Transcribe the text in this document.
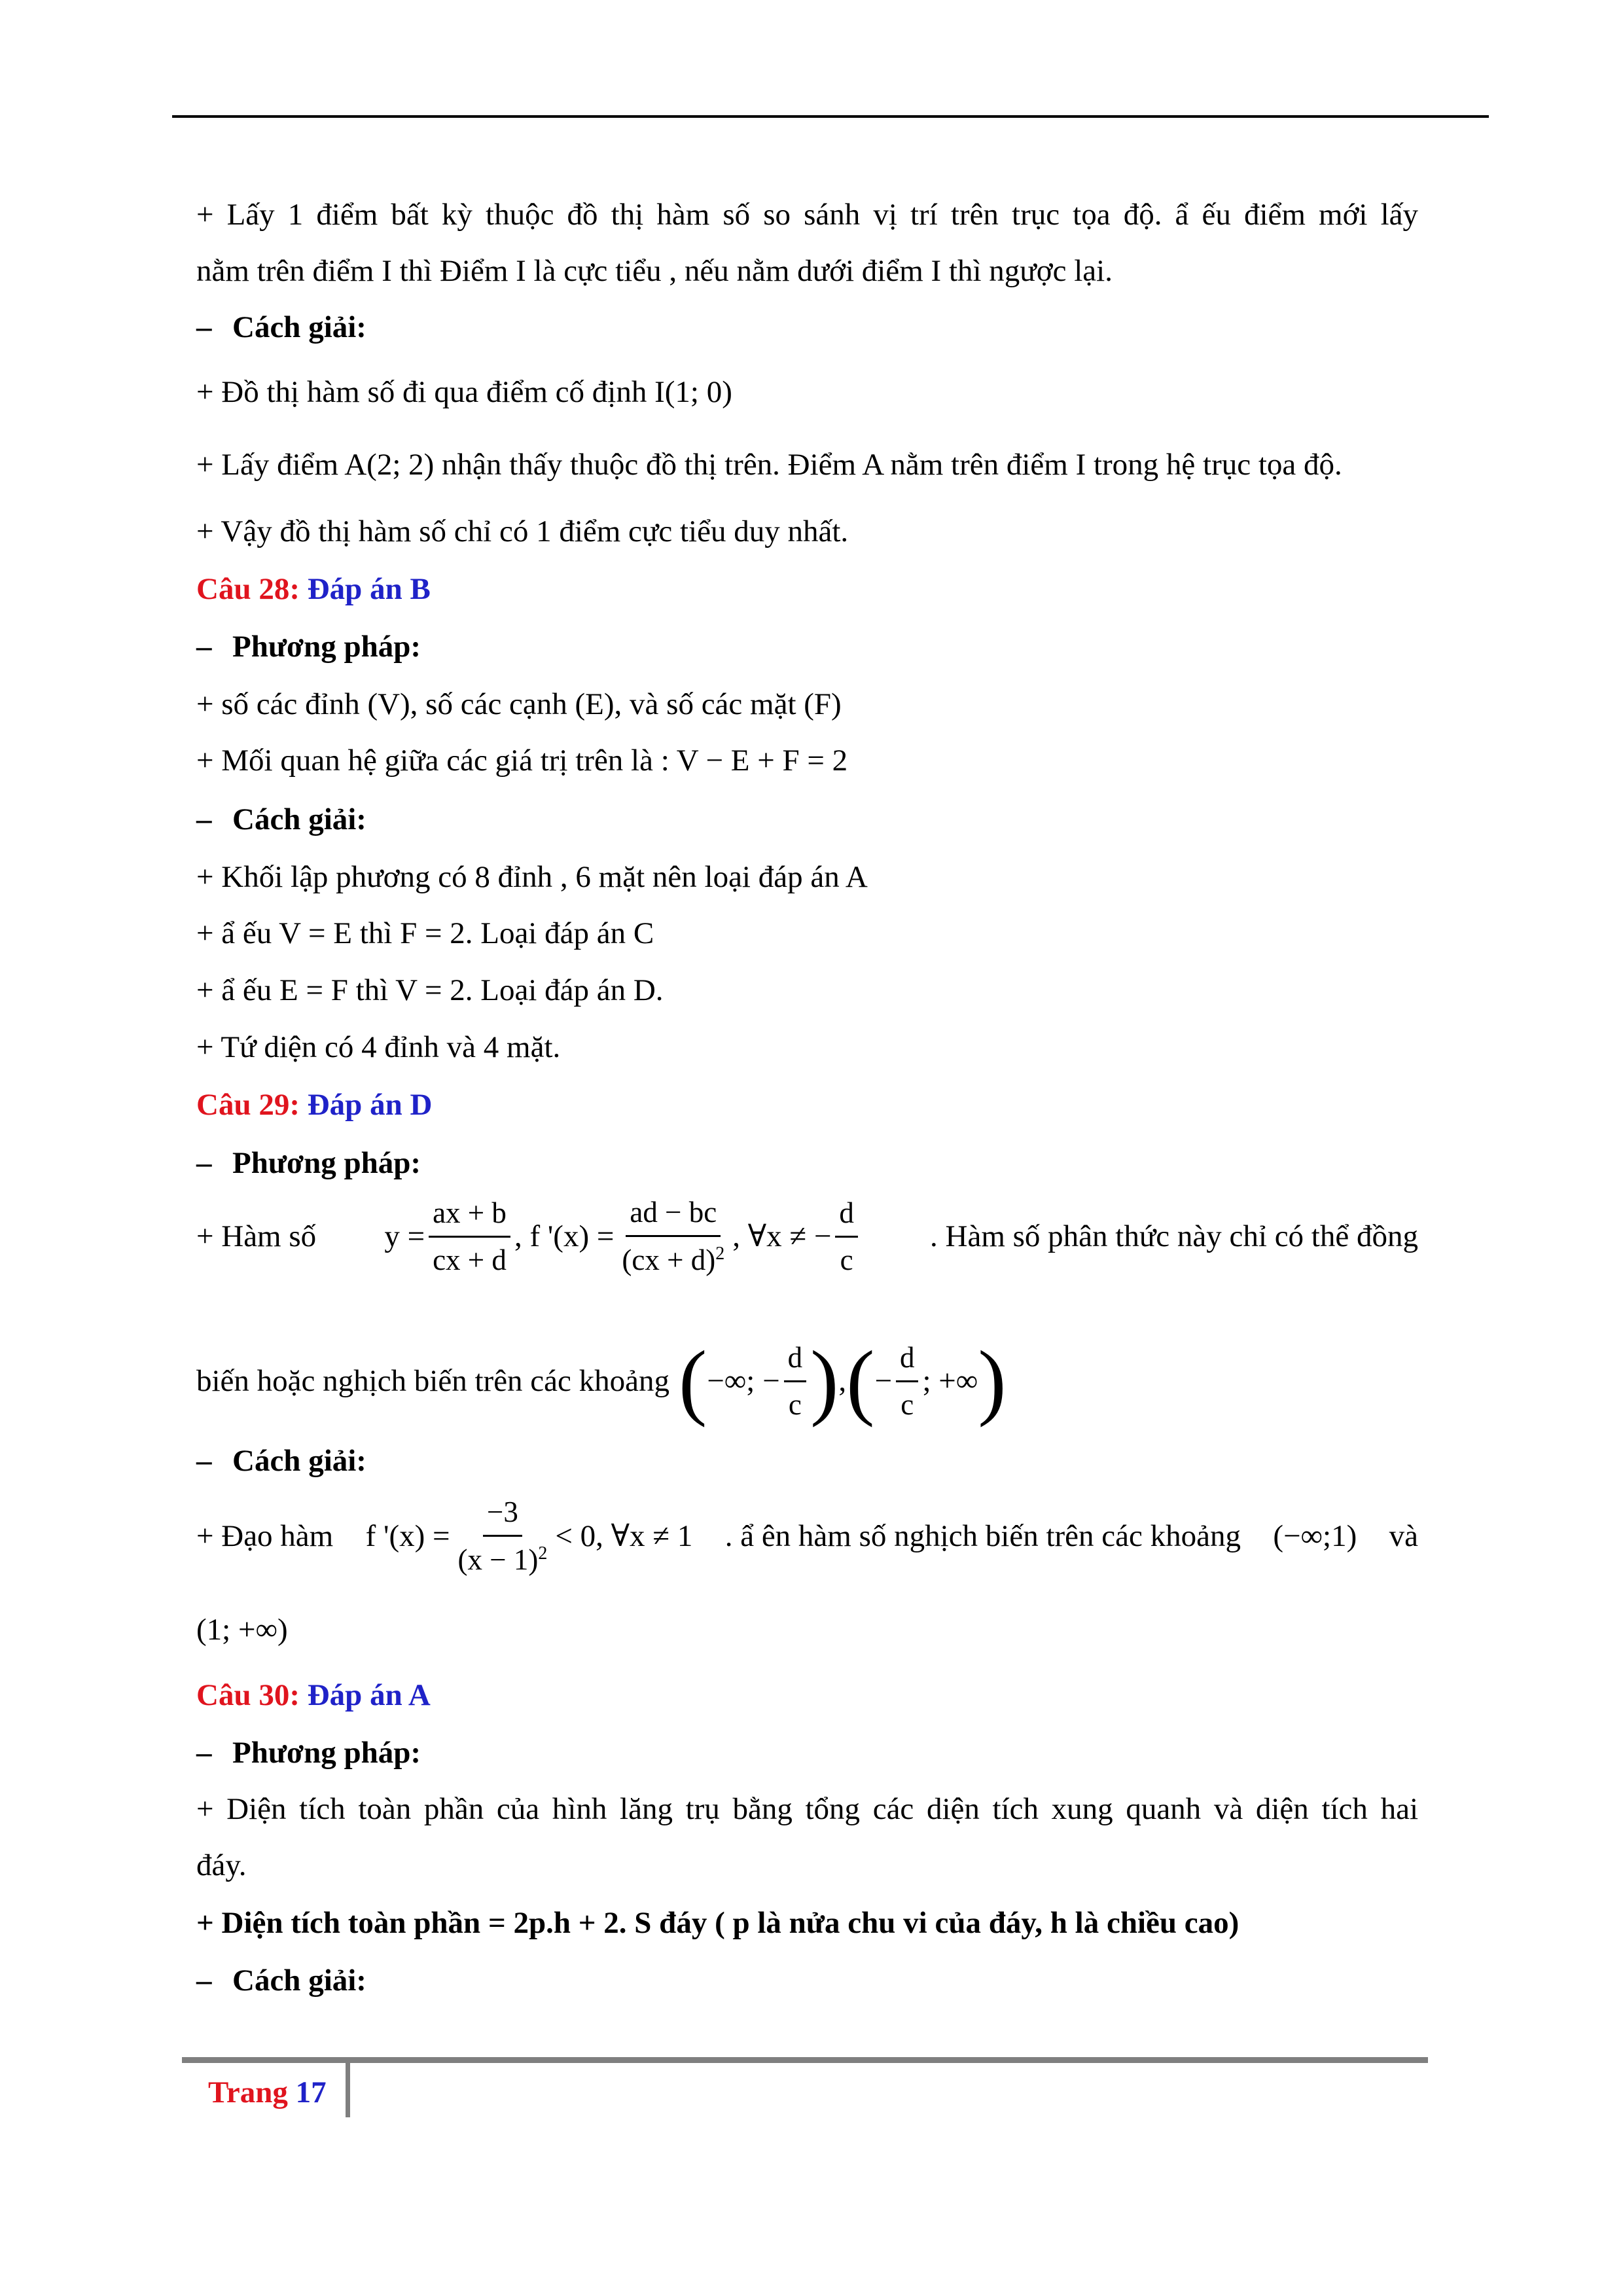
+ Lấy 1 điểm bất kỳ thuộc đồ thị hàm số so sánh vị trí trên trục tọa độ. ẩ ếu điểm mới lấy
nằm trên điểm I thì Điểm I là cực tiểu , nếu nằm dưới điểm I thì ngược lại.
– Cách giải:
+ Đồ thị hàm số đi qua điểm cố định I(1; 0)
+ Lấy điểm A(2; 2) nhận thấy thuộc đồ thị trên. Điểm A nằm trên điểm I trong hệ trục tọa độ.
+ Vậy đồ thị hàm số chỉ có 1 điểm cực tiểu duy nhất.
Câu 28: Đáp án B
– Phương pháp:
+ số các đỉnh (V), số các cạnh (E), và số các mặt (F)
+ Mối quan hệ giữa các giá trị trên là : V − E + F = 2
– Cách giải:
+ Khối lập phương có 8 đỉnh , 6 mặt nên loại đáp án A
+ ẩ ếu V = E thì F = 2. Loại đáp án C
+ ẩ ếu E = F thì V = 2. Loại đáp án D.
+ Tứ diện có 4 đỉnh và 4 mặt.
Câu 29: Đáp án D
– Phương pháp:
+ Hàm số $y = \frac{ax + b}{cx + d}$ , f '$(x) = \frac{ad - bc}{(cx + d)^2}$ , ∀x ≠ − $\frac{d}{c}$ . Hàm số phân thức này chỉ có thể đồng
biến hoặc nghịch biến trên các khoảng ( −∞; − $\frac{d}{c}$ ) , ( − $\frac{d}{c}$ ; +∞ )
– Cách giải:
+ Đạo hàm f '$(x) = \frac{-3}{(x - 1)^2} < 0$, ∀x ≠ 1 . ẩ ên hàm số nghịch biến trên các khoảng (−∞;1) và
(1; +∞)
Câu 30: Đáp án A
– Phương pháp:
+ Diện tích toàn phần của hình lăng trụ bằng tổng các diện tích xung quanh và diện tích hai
đáy.
+ Diện tích toàn phần = 2p.h + 2. S đáy ( p là nửa chu vi của đáy, h là chiều cao)
– Cách giải:
Trang 17
